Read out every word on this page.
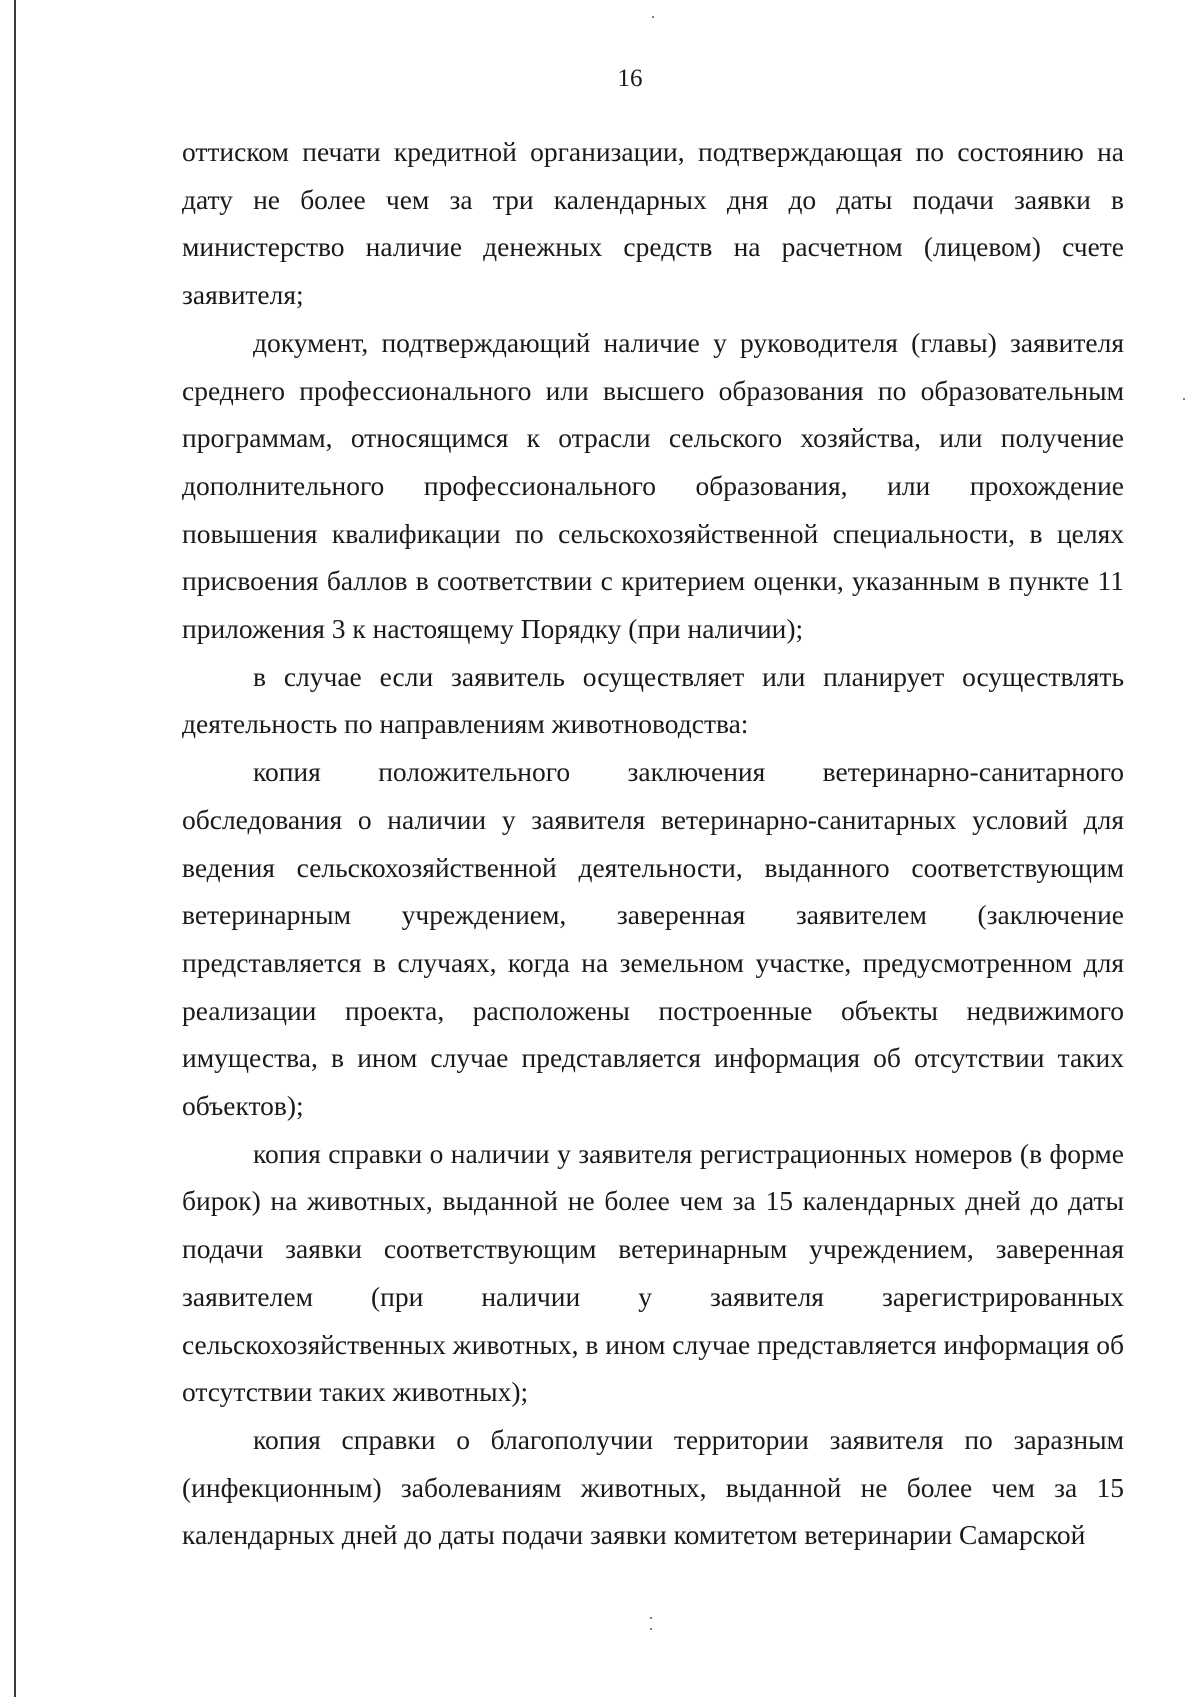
16

оттиском печати кредитной организации, подтверждающая по состоянию на дату не более чем за три календарных дня до даты подачи заявки в министерство наличие денежных средств на расчетном (лицевом) счете заявителя;

документ, подтверждающий наличие у руководителя (главы) заявителя среднего профессионального или высшего образования по образовательным программам, относящимся к отрасли сельского хозяйства, или получение дополнительного профессионального образования, или прохождение повышения квалификации по сельскохозяйственной специальности, в целях присвоения баллов в соответствии с критерием оценки, указанным в пункте 11 приложения 3 к настоящему Порядку (при наличии);

в случае если заявитель осуществляет или планирует осуществлять деятельность по направлениям животноводства:

копия положительного заключения ветеринарно-санитарного обследования о наличии у заявителя ветеринарно-санитарных условий для ведения сельскохозяйственной деятельности, выданного соответствующим ветеринарным учреждением, заверенная заявителем (заключение представляется в случаях, когда на земельном участке, предусмотренном для реализации проекта, расположены построенные объекты недвижимого имущества, в ином случае представляется информация об отсутствии таких объектов);

копия справки о наличии у заявителя регистрационных номеров (в форме бирок) на животных, выданной не более чем за 15 календарных дней до даты подачи заявки соответствующим ветеринарным учреждением, заверенная заявителем (при наличии у заявителя зарегистрированных сельскохозяйственных животных, в ином случае представляется информация об отсутствии таких животных);

копия справки о благополучии территории заявителя по заразным (инфекционным) заболеваниям животных, выданной не более чем за 15 календарных дней до даты подачи заявки комитетом ветеринарии Самарской
